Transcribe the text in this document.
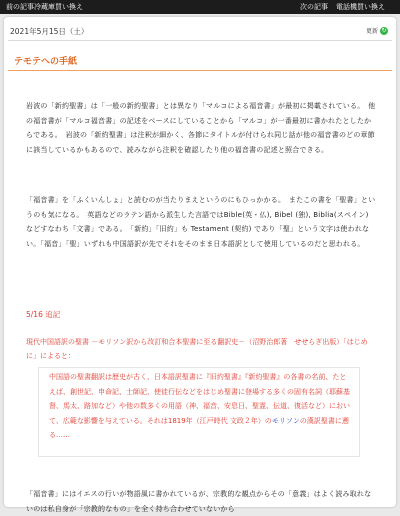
前の記事 冷蔵庫買い換え	次の記事 電話機買い換え
2021年5月15日（土）	更新 ↻
テモテへの手紙
岩波の「新約聖書」は「一般の新約聖書」とは異なり「マルコによる福音書」が最初に掲載されている。　他の福音書が「マルコ福音書」の記述をベースにしていることから「マルコ」が一番最初に書かれたとしたからである。　岩波の「新約聖書」は注釈が細かく、各節にタイトルが付けられ同じ話が他の福音書のどの章節に該当しているかもあるので、読みながら注釈を確認したり他の福音書の記述と照合できる。
「福音書」を「ふくいんしょ」と読むのが当たりまえというのにもひっかかる。　またこの書を「聖書」というのも気になる。　英語などのラテン語から派生した言語ではBible(英・仏), Bibel (独), Biblia(スペイン) などすなわち「文書」である。　「新約」「旧約」も Testament (契約) であり「聖」という文字は使われない。「福音」「聖」いずれも中国語訳が先でそれをそのまま日本語訳として使用しているのだと思われる。
5/16 追記
現代中国語訳の聖書 －モリソン訳から改訂和合本聖書に至る翻訳史－（沼野治郎著　せせらぎ出版）「はじめに」によると：
中国語の聖書翻訳は歴史が古く、日本語訳聖書に『旧約聖書』『新約聖書』の各書の名前、たとえば、創世記、申命記、士師記、使徒行伝などをはじめ聖書に登場する多くの固有名詞（耶蘇基督、馬太、路加など）や他の数多くの用語（神、福音、安息日、聖霊、伝道、復活など）において、広範な影響を与えている。それは1819年（江戸時代 文政２年）のモリソンの漢訳聖書に遡る……
「福音書」にはイエスの行いが物語風に書かれているが、宗教的な観点からその「意義」はよく読み取れないのは私自身が「宗教的なもの」を全く持ち合わせていないから
